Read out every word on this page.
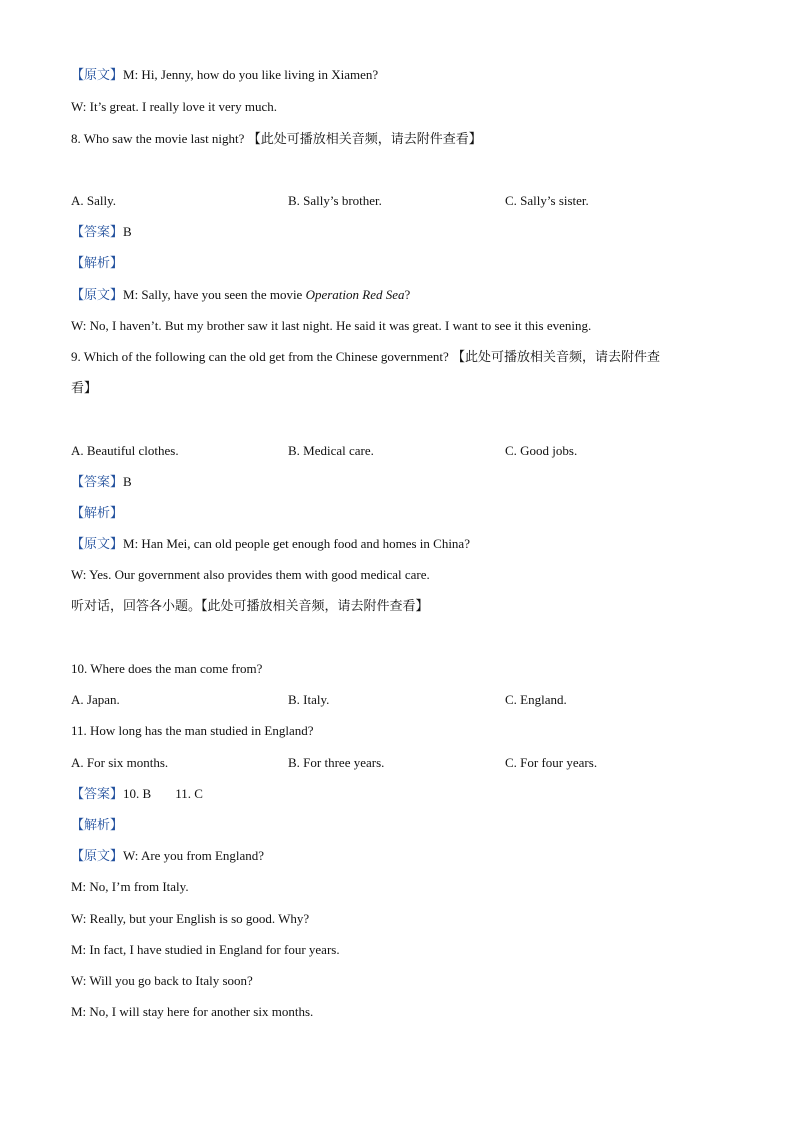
【原文】M: Hi, Jenny, how do you like living in Xiamen?
W: It’s great. I really love it very much.
8. Who saw the movie last night? 【此处可播放相关音频，请去附件查看】
A. Sally.	B. Sally’s brother.	C. Sally’s sister.
【答案】B
【解析】
【原文】M: Sally, have you seen the movie Operation Red Sea?
W: No, I haven’t. But my brother saw it last night. He said it was great. I want to see it this evening.
9. Which of the following can the old get from the Chinese government? 【此处可播放相关音频，请去附件查
看】
A. Beautiful clothes.	B. Medical care.	C. Good jobs.
【答案】B
【解析】
【原文】M: Han Mei, can old people get enough food and homes in China?
W: Yes. Our government also provides them with good medical care.
听对话，回答各小题。【此处可播放相关音频，请去附件查看】
10. Where does the man come from?
A. Japan.	B. Italy.	C. England.
11. How long has the man studied in England?
A. For six months.	B. For three years.	C. For four years.
【答案】10. B 11. C
【解析】
【原文】W: Are you from England?
M: No, I’m from Italy.
W: Really, but your English is so good. Why?
M: In fact, I have studied in England for four years.
W: Will you go back to Italy soon?
M: No, I will stay here for another six months.
